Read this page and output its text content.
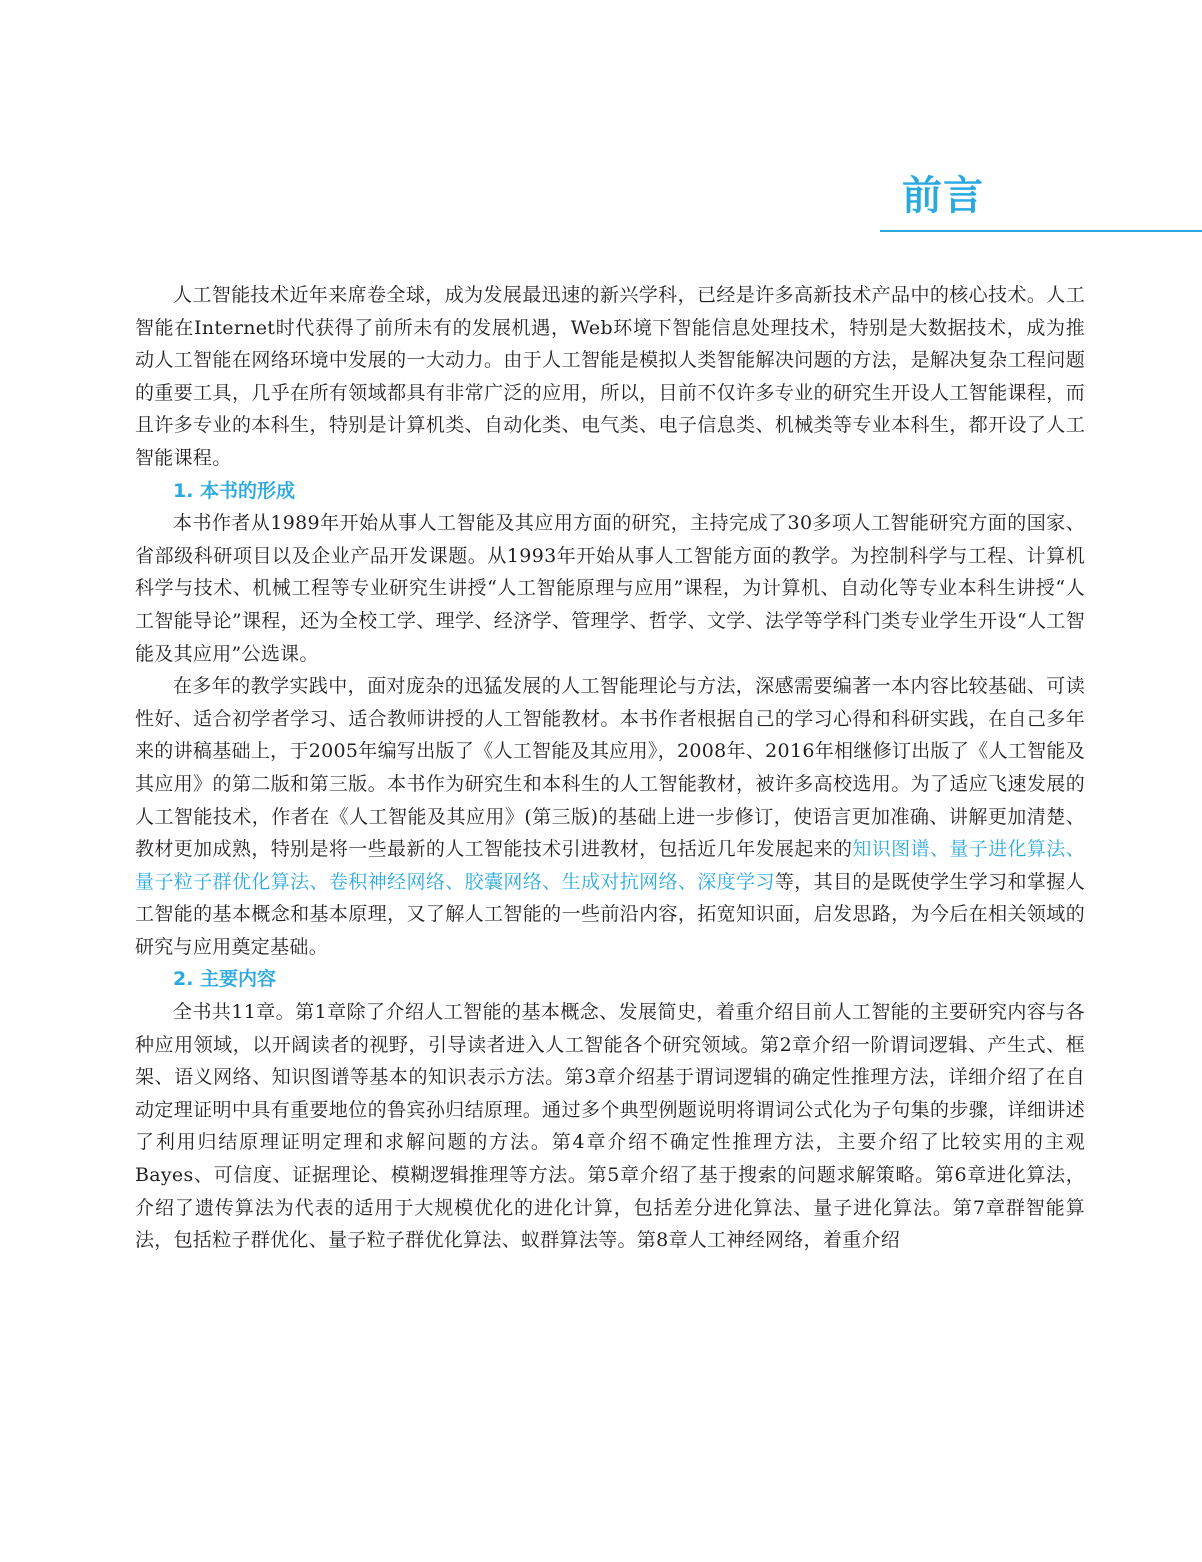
前言

人工智能技术近年来席卷全球，成为发展最迅速的新兴学科，已经是许多高新技术产品中的核心技术。人工智能在Internet时代获得了前所未有的发展机遇，Web环境下智能信息处理技术，特别是大数据技术，成为推动人工智能在网络环境中发展的一大动力。由于人工智能是模拟人类智能解决问题的方法，是解决复杂工程问题的重要工具，几乎在所有领域都具有非常广泛的应用，所以，目前不仅许多专业的研究生开设人工智能课程，而且许多专业的本科生，特别是计算机类、自动化类、电气类、电子信息类、机械类等专业本科生，都开设了人工智能课程。

1. 本书的形成

本书作者从1989年开始从事人工智能及其应用方面的研究，主持完成了30多项人工智能研究方面的国家、省部级科研项目以及企业产品开发课题。从1993年开始从事人工智能方面的教学。为控制科学与工程、计算机科学与技术、机械工程等专业研究生讲授“人工智能原理与应用”课程，为计算机、自动化等专业本科生讲授“人工智能导论”课程，还为全校工学、理学、经济学、管理学、哲学、文学、法学等学科门类专业学生开设“人工智能及其应用”公选课。

在多年的教学实践中，面对庞杂的迅猛发展的人工智能理论与方法，深感需要编著一本内容比较基础、可读性好、适合初学者学习、适合教师讲授的人工智能教材。本书作者根据自己的学习心得和科研实践，在自己多年来的讲稿基础上，于2005年编写出版了《人工智能及其应用》，2008年、2016年相继修订出版了《人工智能及其应用》的第二版和第三版。本书作为研究生和本科生的人工智能教材，被许多高校选用。为了适应飞速发展的人工智能技术，作者在《人工智能及其应用》(第三版)的基础上进一步修订，使语言更加准确、讲解更加清楚、教材更加成熟，特别是将一些最新的人工智能技术引进教材，包括近几年发展起来的知识图谱、量子进化算法、量子粒子群优化算法、卷积神经网络、胶囊网络、生成对抗网络、深度学习等，其目的是既使学生学习和掌握人工智能的基本概念和基本原理，又了解人工智能的一些前沿内容，拓宽知识面，启发思路，为今后在相关领域的研究与应用奠定基础。

2. 主要内容

全书共11章。第1章除了介绍人工智能的基本概念、发展简史，着重介绍目前人工智能的主要研究内容与各种应用领域，以开阔读者的视野，引导读者进入人工智能各个研究领域。第2章介绍一阶谓词逻辑、产生式、框架、语义网络、知识图谱等基本的知识表示方法。第3章介绍基于谓词逻辑的确定性推理方法，详细介绍了在自动定理证明中具有重要地位的鲁宾孙归结原理。通过多个典型例题说明将谓词公式化为子句集的步骤，详细讲述了利用归结原理证明定理和求解问题的方法。第4章介绍不确定性推理方法，主要介绍了比较实用的主观Bayes、可信度、证据理论、模糊逻辑推理等方法。第5章介绍了基于搜索的问题求解策略。第6章进化算法，介绍了遗传算法为代表的适用于大规模优化的进化计算，包括差分进化算法、量子进化算法。第7章群智能算法，包括粒子群优化、量子粒子群优化算法、蚁群算法等。第8章人工神经网络，着重介绍
